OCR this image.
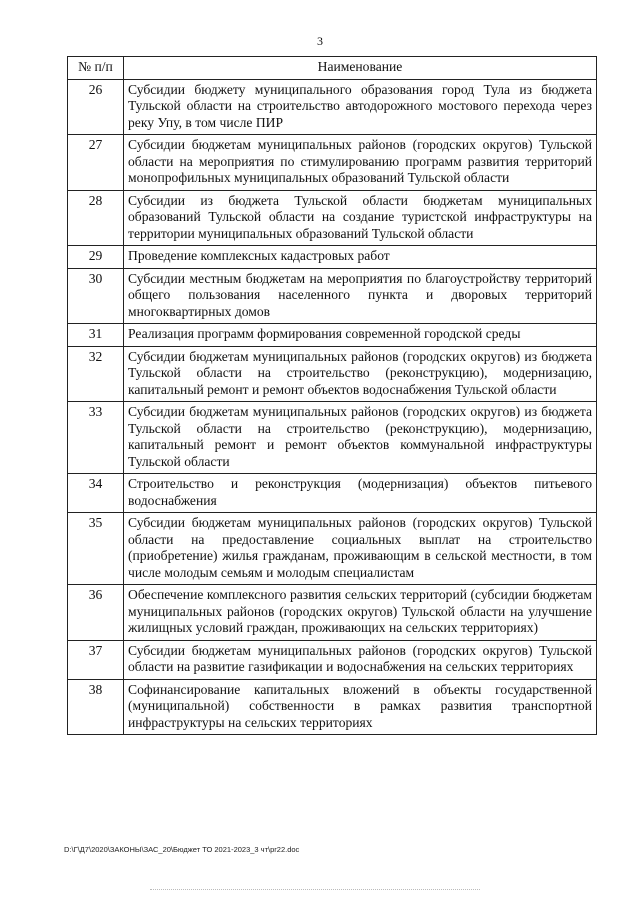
3
№ п/п	Наименование
26	Субсидии бюджету муниципального образования город Тула из бюджета Тульской области на строительство автодорожного мостового перехода через реку Упу, в том числе ПИР
27	Субсидии бюджетам муниципальных районов (городских округов) Тульской области на мероприятия по стимулированию программ развития территорий монопрофильных муниципальных образований Тульской области
28	Субсидии из бюджета Тульской области бюджетам муниципальных образований Тульской области на создание туристской инфраструктуры на территории муниципальных образований Тульской области
29	Проведение комплексных кадастровых работ
30	Субсидии местным бюджетам на мероприятия по благоустройству территорий общего пользования населенного пункта и дворовых территорий многоквартирных домов
31	Реализация программ формирования современной городской среды
32	Субсидии бюджетам муниципальных районов (городских округов) из бюджета Тульской области на строительство (реконструкцию), модернизацию, капитальный ремонт и ремонт объектов водоснабжения Тульской области
33	Субсидии бюджетам муниципальных районов (городских округов) из бюджета Тульской области на строительство (реконструкцию), модернизацию, капитальный ремонт и ремонт объектов коммунальной инфраструктуры Тульской области
34	Строительство и реконструкция (модернизация) объектов питьевого водоснабжения
35	Субсидии бюджетам муниципальных районов (городских округов) Тульской области на предоставление социальных выплат на строительство (приобретение) жилья гражданам, проживающим в сельской местности, в том числе молодым семьям и молодым специалистам
36	Обеспечение комплексного развития сельских территорий (субсидии бюджетам муниципальных районов (городских округов) Тульской области на улучшение жилищных условий граждан, проживающих на сельских территориях)
37	Субсидии бюджетам муниципальных районов (городских округов) Тульской области на развитие газификации и водоснабжения на сельских территориях
38	Софинансирование капитальных вложений в объекты государственной (муниципальной) собственности в рамках развития транспортной инфраструктуры на сельских территориях
D:\Г\Д7\2020\ЗАКОНЫ\ЗАС_20\Бюджет ТО 2021-2023_3 чт\pr22.doc
